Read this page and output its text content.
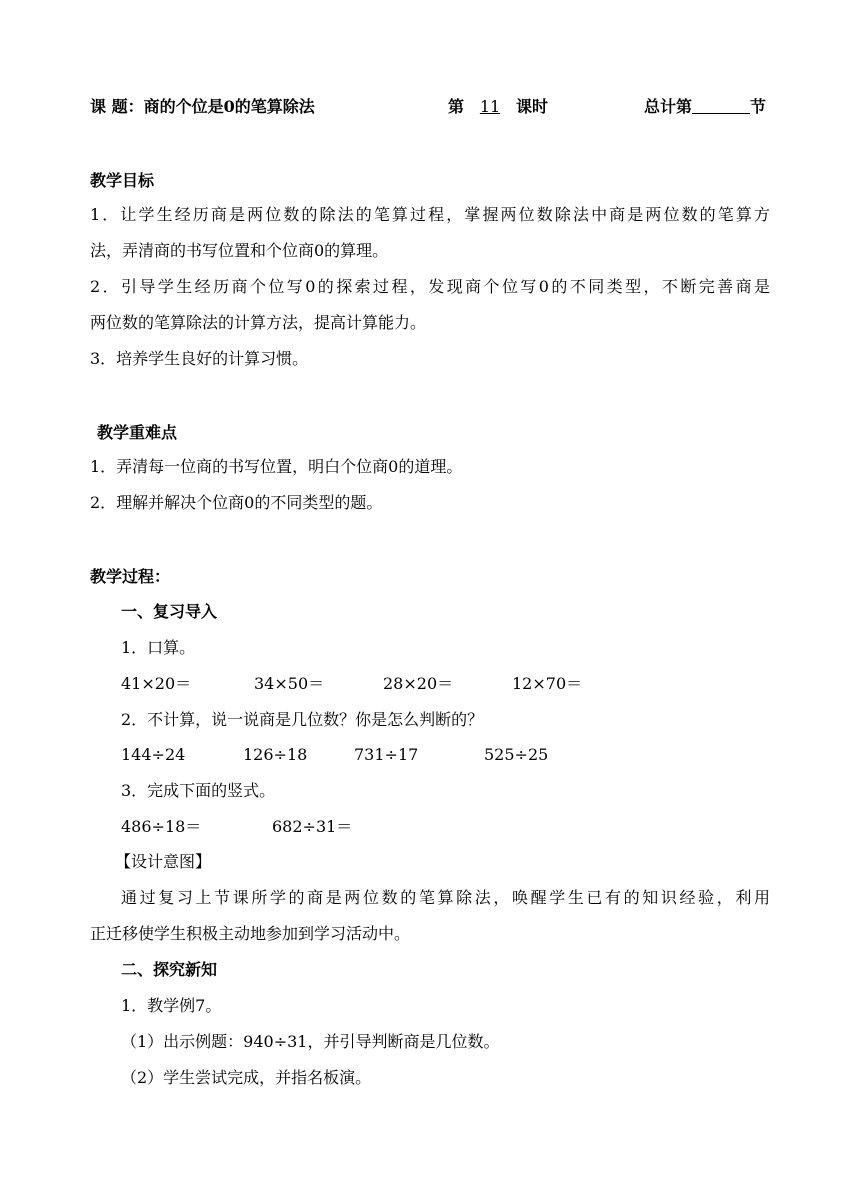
课 题：商的个位是0的笔算除法	第 11 课时	总计第	节
教学目标
1．让学生经历商是两位数的除法的笔算过程，掌握两位数除法中商是两位数的笔算方
法，弄清商的书写位置和个位商0的算理。
2．引导学生经历商个位写0的探索过程，发现商个位写0的不同类型，不断完善商是
两位数的笔算除法的计算方法，提高计算能力。
3．培养学生良好的计算习惯。
教学重难点
1．弄清每一位商的书写位置，明白个位商0的道理。
2．理解并解决个位商0的不同类型的题。
教学过程：
一、复习导入
1．口算。
41×20＝	34×50＝	28×20＝	12×70＝
2．不计算，说一说商是几位数？你是怎么判断的？
144÷24	126÷18	731÷17	525÷25
3．完成下面的竖式。
486÷18＝	682÷31＝
【设计意图】
通过复习上节课所学的商是两位数的笔算除法，唤醒学生已有的知识经验，利用
正迁移使学生积极主动地参加到学习活动中。
二、探究新知
1．教学例7。
（1）出示例题：940÷31，并引导判断商是几位数。
（2）学生尝试完成，并指名板演。
